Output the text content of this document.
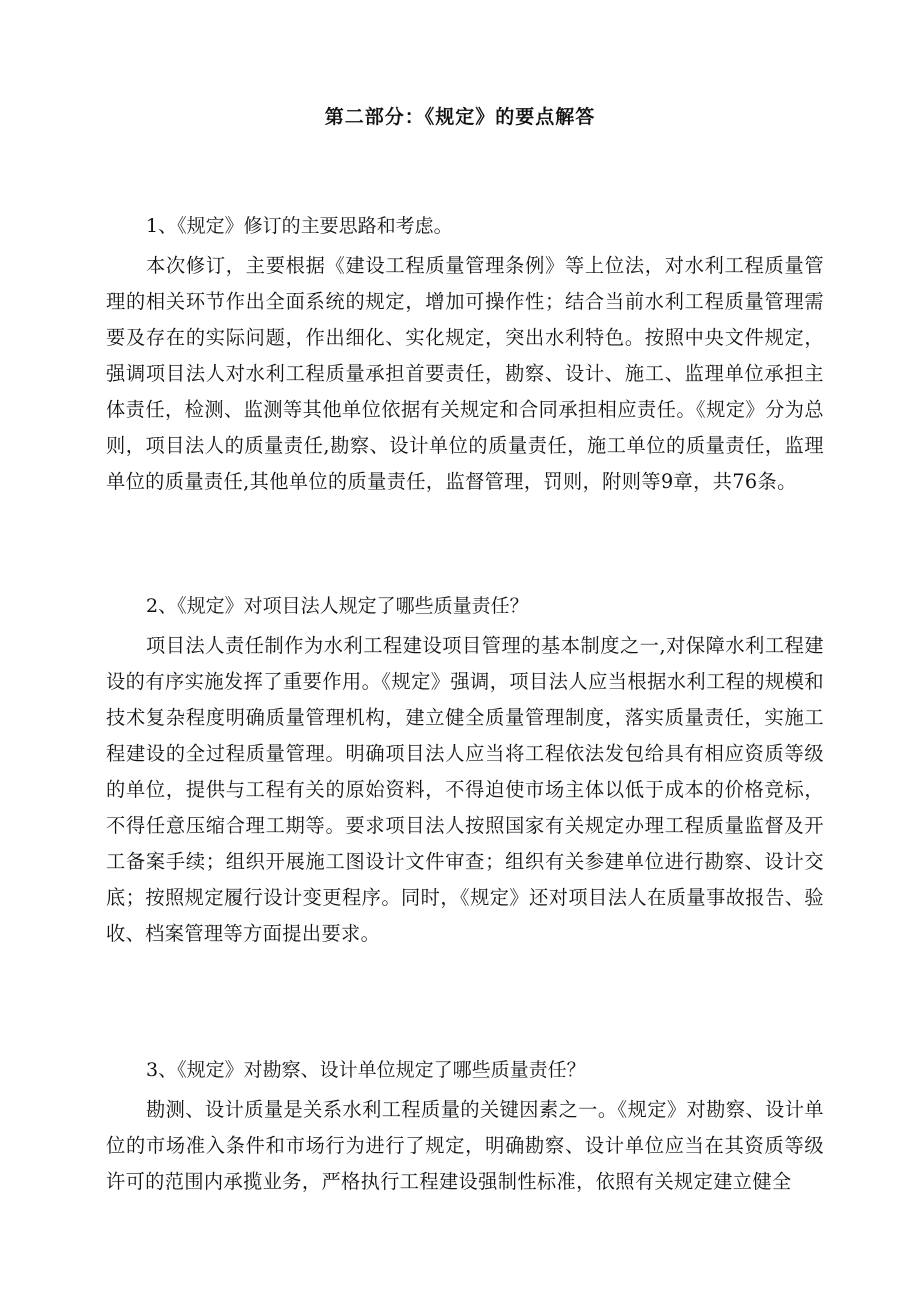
第二部分：《规定》的要点解答

1、《规定》修订的主要思路和考虑。

本次修订，主要根据《建设工程质量管理条例》等上位法，对水利工程质量管理的相关环节作出全面系统的规定，增加可操作性；结合当前水利工程质量管理需要及存在的实际问题，作出细化、实化规定，突出水利特色。按照中央文件规定，强调项目法人对水利工程质量承担首要责任，勘察、设计、施工、监理单位承担主体责任，检测、监测等其他单位依据有关规定和合同承担相应责任。《规定》分为总则，项目法人的质量责任,勘察、设计单位的质量责任，施工单位的质量责任，监理单位的质量责任,其他单位的质量责任，监督管理，罚则，附则等9章，共76条。

2、《规定》对项目法人规定了哪些质量责任？

项目法人责任制作为水利工程建设项目管理的基本制度之一,对保障水利工程建设的有序实施发挥了重要作用。《规定》强调，项目法人应当根据水利工程的规模和技术复杂程度明确质量管理机构，建立健全质量管理制度，落实质量责任，实施工程建设的全过程质量管理。明确项目法人应当将工程依法发包给具有相应资质等级的单位，提供与工程有关的原始资料，不得迫使市场主体以低于成本的价格竞标，不得任意压缩合理工期等。要求项目法人按照国家有关规定办理工程质量监督及开工备案手续；组织开展施工图设计文件审查；组织有关参建单位进行勘察、设计交底；按照规定履行设计变更程序。同时，《规定》还对项目法人在质量事故报告、验收、档案管理等方面提出要求。

3、《规定》对勘察、设计单位规定了哪些质量责任？

勘测、设计质量是关系水利工程质量的关键因素之一。《规定》对勘察、设计单位的市场准入条件和市场行为进行了规定，明确勘察、设计单位应当在其资质等级许可的范围内承揽业务，严格执行工程建设强制性标准，依照有关规定建立健全
